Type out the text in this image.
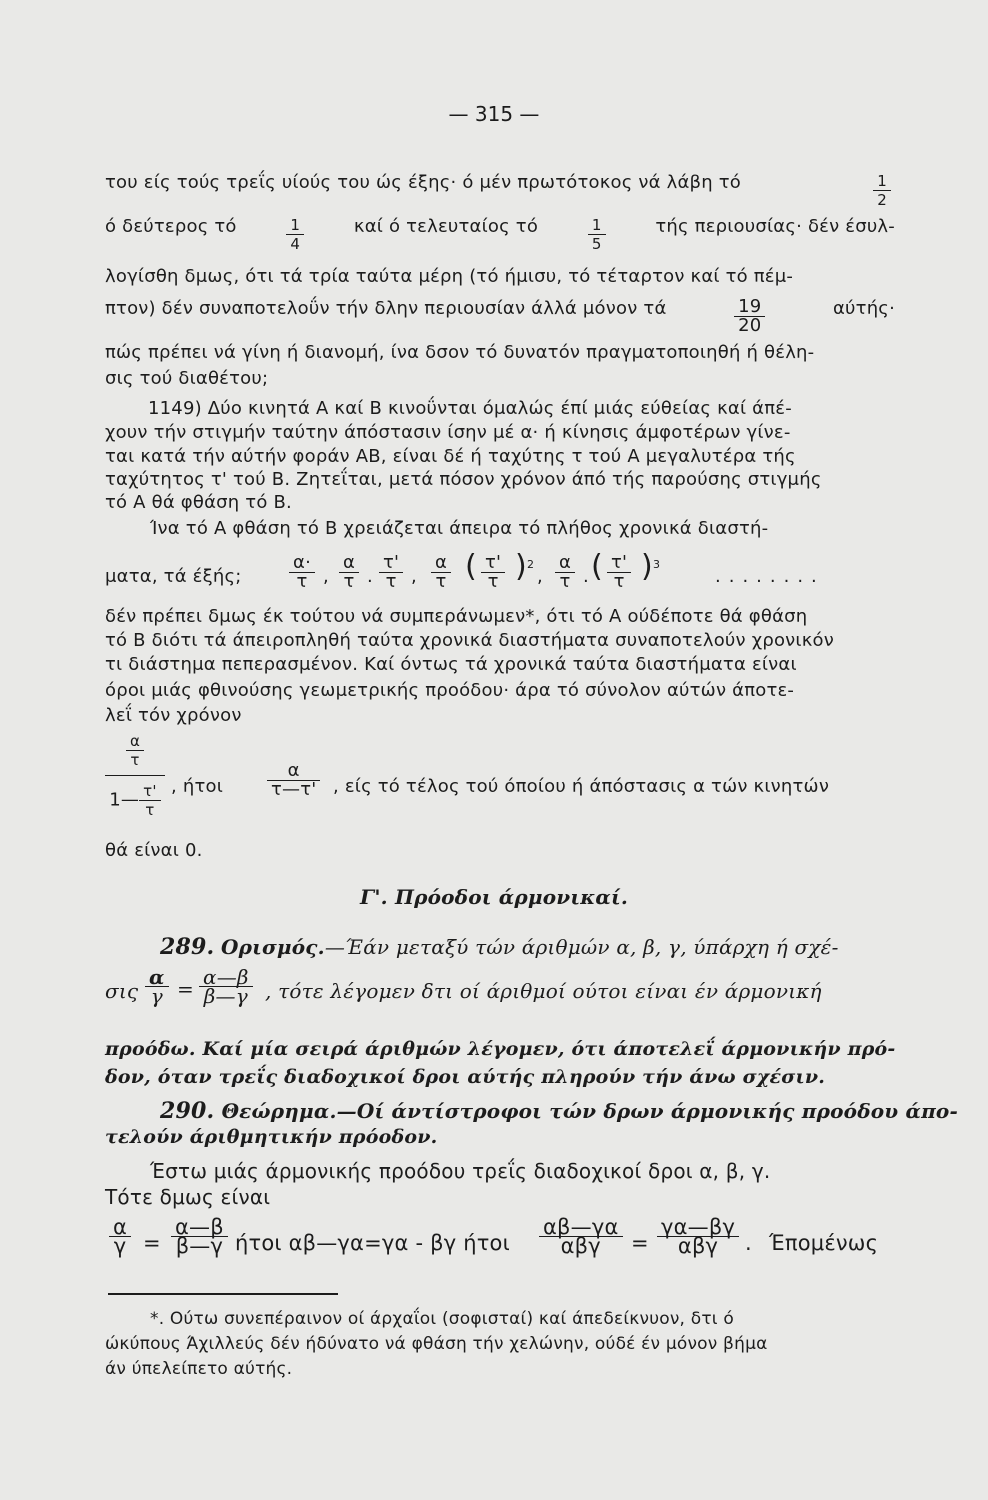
— 315 —
του είς τούς τρεΐς υίούς του ώς έξης· ό μέν πρωτότοκος νά λάβη τό	$\frac{1}{2}$
ό δεύτερος τό	$\frac{1}{4}$	καί ό τελευταίος τό	$\frac{1}{5}$	τής περιουσίας· δέν έσυλ-
λογίσθη δμως, ότι τά τρία ταύτα μέρη (τό ήμισυ, τό τέταρτον καί τό πέμ-
πτον) δέν συναποτελοΰν τήν δλην περιουσίαν άλλά μόνον τά	$\frac{19}{20}$	αύτής·
πώς πρέπει νά γίνη ή διανομή, ίνα δσον τό δυνατόν πραγματοποιηθή ή θέλη-
σις τού διαθέτου;
1149) Δύο κινητά Α καί Β κινοΰνται όμαλώς έπί μιάς εύθείας καί άπέ-
χουν τήν στιγμήν ταύτην άπόστασιν ίσην μέ α· ή κίνησις άμφοτέρων γίνε-
ται κατά τήν αύτήν φοράν ΑΒ, είναι δέ ή ταχύτης τ τού Α μεγαλυτέρα τής
ταχύτητος τ' τού Β. Ζητεΐται, μετά πόσον χρόνον άπό τής παρούσης στιγμής
τό Α θά φθάση τό Β.
Ίνα τό Α φθάση τό Β χρειάζεται άπειρα τό πλήθος χρονικά διαστή-
ματα, τά έξής;	$\frac{\alpha\cdot}{\tau}$ , $\frac{\alpha}{\tau}$ . $\frac{\tau'}{\tau}$ , $\frac{\alpha}{\tau}$ ( $\frac{\tau'}{\tau}$ ) 2
, $\frac{\alpha}{\tau}$ . ( $\frac{\tau'}{\tau}$ ) 3
........
δέν πρέπει δμως έκ τούτου νά συμπεράνωμεν*, ότι τό Α ούδέποτε θά φθάση
τό Β διότι τά άπειροπληθή ταύτα χρονικά διαστήματα συναποτελούν χρονικόν
τι διάστημα πεπερασμένον. Καί όντως τά χρονικά ταύτα διαστήματα είναι
όροι μιάς φθινούσης γεωμετρικής προόδου· άρα τό σύνολον αύτών άποτε-
λεΐ τόν χρόνον
$\frac{\alpha}{\tau}$
1— $\frac{\tau'}{\tau}$ , ήτοι $\frac{\alpha}{\tau—\tau'}$ , είς τό τέλος τού όποίου ή άπόστασις α τών κινητών
θά είναι 0.
Γ'. Πρόοδοι άρμονικαί.
289. Ορισμός.—Έάν μεταξύ τών άριθμών α, β, γ, ύπάρχη ή σχέ-
σις $\frac{\alpha}{\gamma} = \frac{\alpha—\beta}{\beta—\gamma}$ , τότε λέγομεν δτι οί άριθμοί ούτοι είναι έν άρμονική
προόδω. Καί μία σειρά άριθμών λέγομεν, ότι άποτελεΐ άρμονικήν πρό-
δον, όταν τρεΐς διαδοχικοί δροι αύτής πληρούν τήν άνω σχέσιν.
290. Θεώρημα.—Οί άντίστροφοι τών δρων άρμονικής προόδου άπο-
τελούν άριθμητικήν πρόοδον.
Έστω μιάς άρμονικής προόδου τρεΐς διαδοχικοί δροι α, β, γ.
Τότε δμως είναι
$\frac{\alpha}{\gamma} = \frac{\alpha—\beta}{\beta—\gamma}$ ήτοι αβ—γα=γα - βγ ήτοι
αβ—γα
αβγ	=
γα—βγ
αβγ	. Έπομένως
*. Ούτω συνεπέραινον οί άρχαΐοι (σοφισταί) καί άπεδείκνυον, δτι ό
ώκύπους Άχιλλεύς δέν ήδύνατο νά φθάση τήν χελώνην, ούδέ έν μόνον βήμα
άν ύπελείπετο αύτής.
